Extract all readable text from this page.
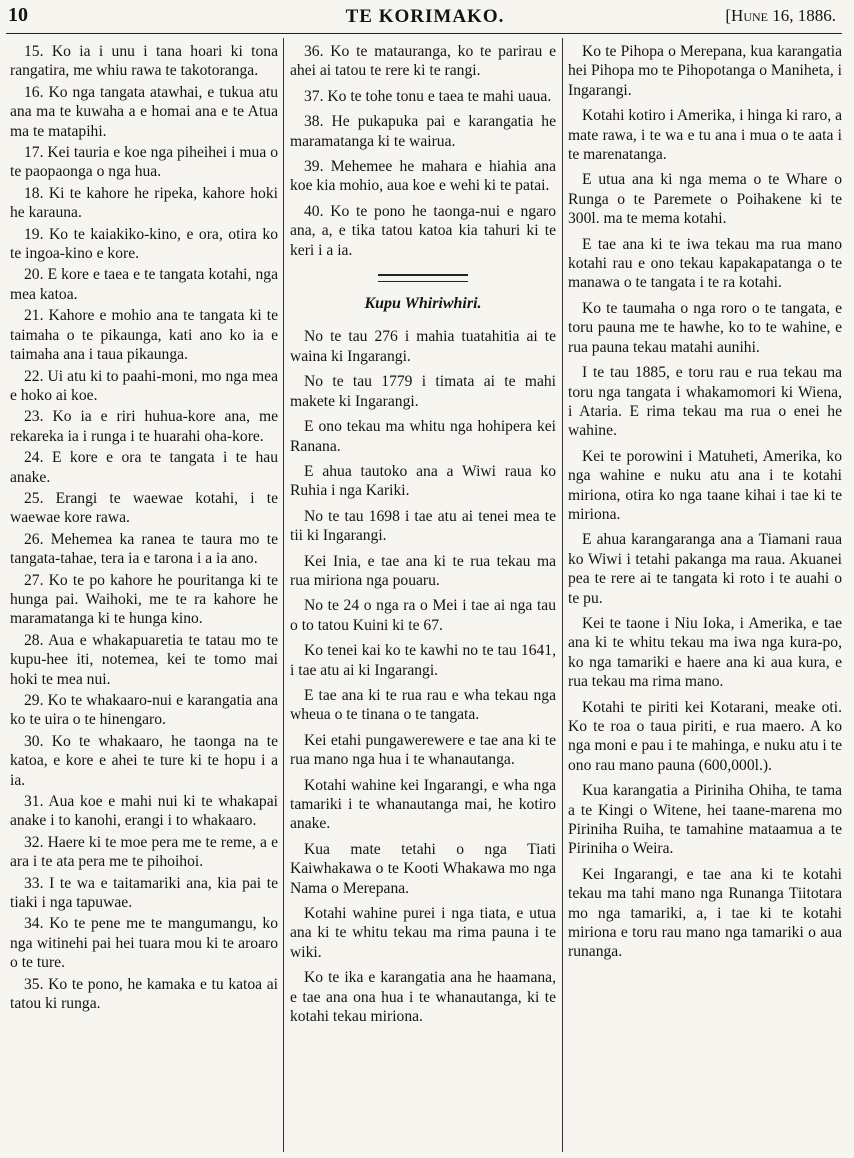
10	TE KORIMAKO.	[Hune 16, 1886.

15. Ko ia i unu i tana hoari ki tona rangatira, me whiu rawa te takotoranga.

16. Ko nga tangata atawhai, e tukua atu ana ma te kuwaha a e homai ana e te Atua ma te matapihi.

17. Kei tauria e koe nga piheihei i mua o te paopaonga o nga hua.

18. Ki te kahore he ripeka, kahore hoki he karauna.

19. Ko te kaiakiko-kino, e ora, otira ko te ingoa-kino e kore.

20. E kore e taea e te tangata kotahi, nga mea katoa.

21. Kahore e mohio ana te tangata ki te taimaha o te pikaunga, kati ano ko ia e taimaha ana i taua pikaunga.

22. Ui atu ki to paahi-moni, mo nga mea e hoko ai koe.

23. Ko ia e riri huhua-kore ana, me rekareka ia i runga i te huarahi oha-kore.

24. E kore e ora te tangata i te hau anake.

25. Erangi te waewae kotahi, i te waewae kore rawa.

26. Mehemea ka ranea te taura mo te tangata-tahae, tera ia e tarona i a ia ano.

27. Ko te po kahore he pouritanga ki te hunga pai. Waihoki, me te ra kahore he maramatanga ki te hunga kino.

28. Aua e whakapuaretia te tatau mo te kupu-hee iti, notemea, kei te tomo mai hoki te mea nui.

29. Ko te whakaaro-nui e karangatia ana ko te uira o te hinengaro.

30. Ko te whakaaro, he taonga na te katoa, e kore e ahei te ture ki te hopu i a ia.

31. Aua koe e mahi nui ki te whakapai anake i to kanohi, erangi i to whakaaro.

32. Haere ki te moe pera me te reme, a e ara i te ata pera me te pihoihoi.

33. I te wa e taitamariki ana, kia pai te tiaki i nga tapuwae.

34. Ko te pene me te mangumangu, ko nga witinehi pai hei tuara mou ki te aroaro o te ture.

35. Ko te pono, he kamaka e tu katoa ai tatou ki runga.

36. Ko te matauranga, ko te parirau e ahei ai tatou te rere ki te rangi.

37. Ko te tohe tonu e taea te mahi uaua.

38. He pukapuka pai e karangatia he maramatanga ki te wairua.

39. Mehemee he mahara e hiahia ana koe kia mohio, aua koe e wehi ki te patai.

40. Ko te pono he taonga-nui e ngaro ana, a, e tika tatou katoa kia tahuri ki te keri i a ia.

Kupu Whiriwhiri.

No te tau 276 i mahia tuatahitia ai te waina ki Ingarangi.

No te tau 1779 i timata ai te mahi makete ki Ingarangi.

E ono tekau ma whitu nga hohipera kei Ranana.

E ahua tautoko ana a Wiwi raua ko Ruhia i nga Kariki.

No te tau 1698 i tae atu ai tenei mea te tii ki Ingarangi.

Kei Inia, e tae ana ki te rua tekau ma rua miriona nga pouaru.

No te 24 o nga ra o Mei i tae ai nga tau o to tatou Kuini ki te 67.

Ko tenei kai ko te kawhi no te tau 1641, i tae atu ai ki Ingarangi.

E tae ana ki te rua rau e wha tekau nga wheua o te tinana o te tangata.

Kei etahi pungawerewere e tae ana ki te rua mano nga hua i te whanautanga.

Kotahi wahine kei Ingarangi, e wha nga tamariki i te whanautanga mai, he kotiro anake.

Kua mate tetahi o nga Tiati Kaiwhakawa o te Kooti Whakawa mo nga Nama o Merepana.

Kotahi wahine purei i nga tiata, e utua ana ki te whitu tekau ma rima pauna i te wiki.

Ko te ika e karangatia ana he haamana, e tae ana ona hua i te whanautanga, ki te kotahi tekau miriona.

Ko te Pihopa o Merepana, kua karangatia hei Pihopa mo te Pihopotanga o Maniheta, i Ingarangi.

Kotahi kotiro i Amerika, i hinga ki raro, a mate rawa, i te wa e tu ana i mua o te aata i te marenatanga.

E utua ana ki nga mema o te Whare o Runga o te Paremete o Poihakene ki te 300l. ma te mema kotahi.

E tae ana ki te iwa tekau ma rua mano kotahi rau e ono tekau kapakapatanga o te manawa o te tangata i te ra kotahi.

Ko te taumaha o nga roro o te tangata, e toru pauna me te hawhe, ko to te wahine, e rua pauna tekau matahi aunihi.

I te tau 1885, e toru rau e rua tekau ma toru nga tangata i whakamomori ki Wiena, i Ataria. E rima tekau ma rua o enei he wahine.

Kei te porowini i Matuheti, Amerika, ko nga wahine e nuku atu ana i te kotahi miriona, otira ko nga taane kihai i tae ki te miriona.

E ahua karangaranga ana a Tiamani raua ko Wiwi i tetahi pakanga ma raua. Akuanei pea te rere ai te tangata ki roto i te auahi o te pu.

Kei te taone i Niu Ioka, i Amerika, e tae ana ki te whitu tekau ma iwa nga kura-po, ko nga tamariki e haere ana ki aua kura, e rua tekau ma rima mano.

Kotahi te piriti kei Kotarani, meake oti. Ko te roa o taua piriti, e rua maero. A ko nga moni e pau i te mahinga, e nuku atu i te ono rau mano pauna (600,000l.).

Kua karangatia a Piriniha Ohiha, te tama a te Kingi o Witene, hei taane-marena mo Piriniha Ruiha, te tamahine mataamua a te Piriniha o Weira.

Kei Ingarangi, e tae ana ki te kotahi tekau ma tahi mano nga Runanga Tiitotara mo nga tamariki, a, i tae ki te kotahi miriona e toru rau mano nga tamariki o aua runanga.
